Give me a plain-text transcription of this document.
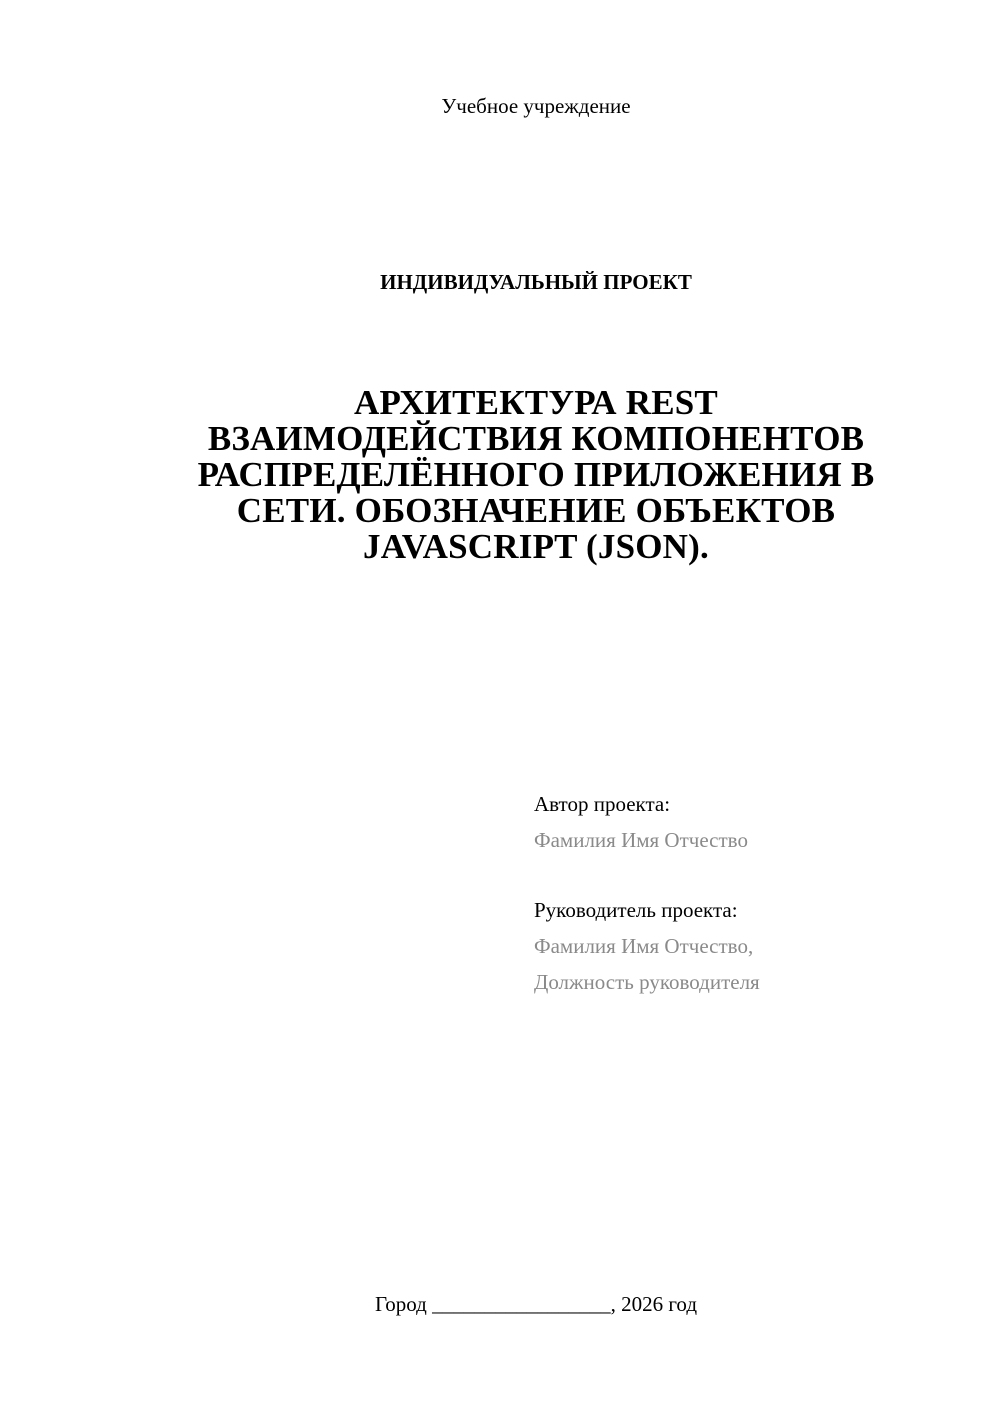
Учебное учреждение
ИНДИВИДУАЛЬНЫЙ ПРОЕКТ
АРХИТЕКТУРА REST
ВЗАИМОДЕЙСТВИЯ КОМПОНЕНТОВ
РАСПРЕДЕЛЁННОГО ПРИЛОЖЕНИЯ В
СЕТИ. ОБОЗНАЧЕНИЕ ОБЪЕКТОВ
JAVASCRIPT (JSON).
Автор проекта:
Фамилия Имя Отчество
Руководитель проекта:
Фамилия Имя Отчество,
Должность руководителя
Город _________________, 2026 год
